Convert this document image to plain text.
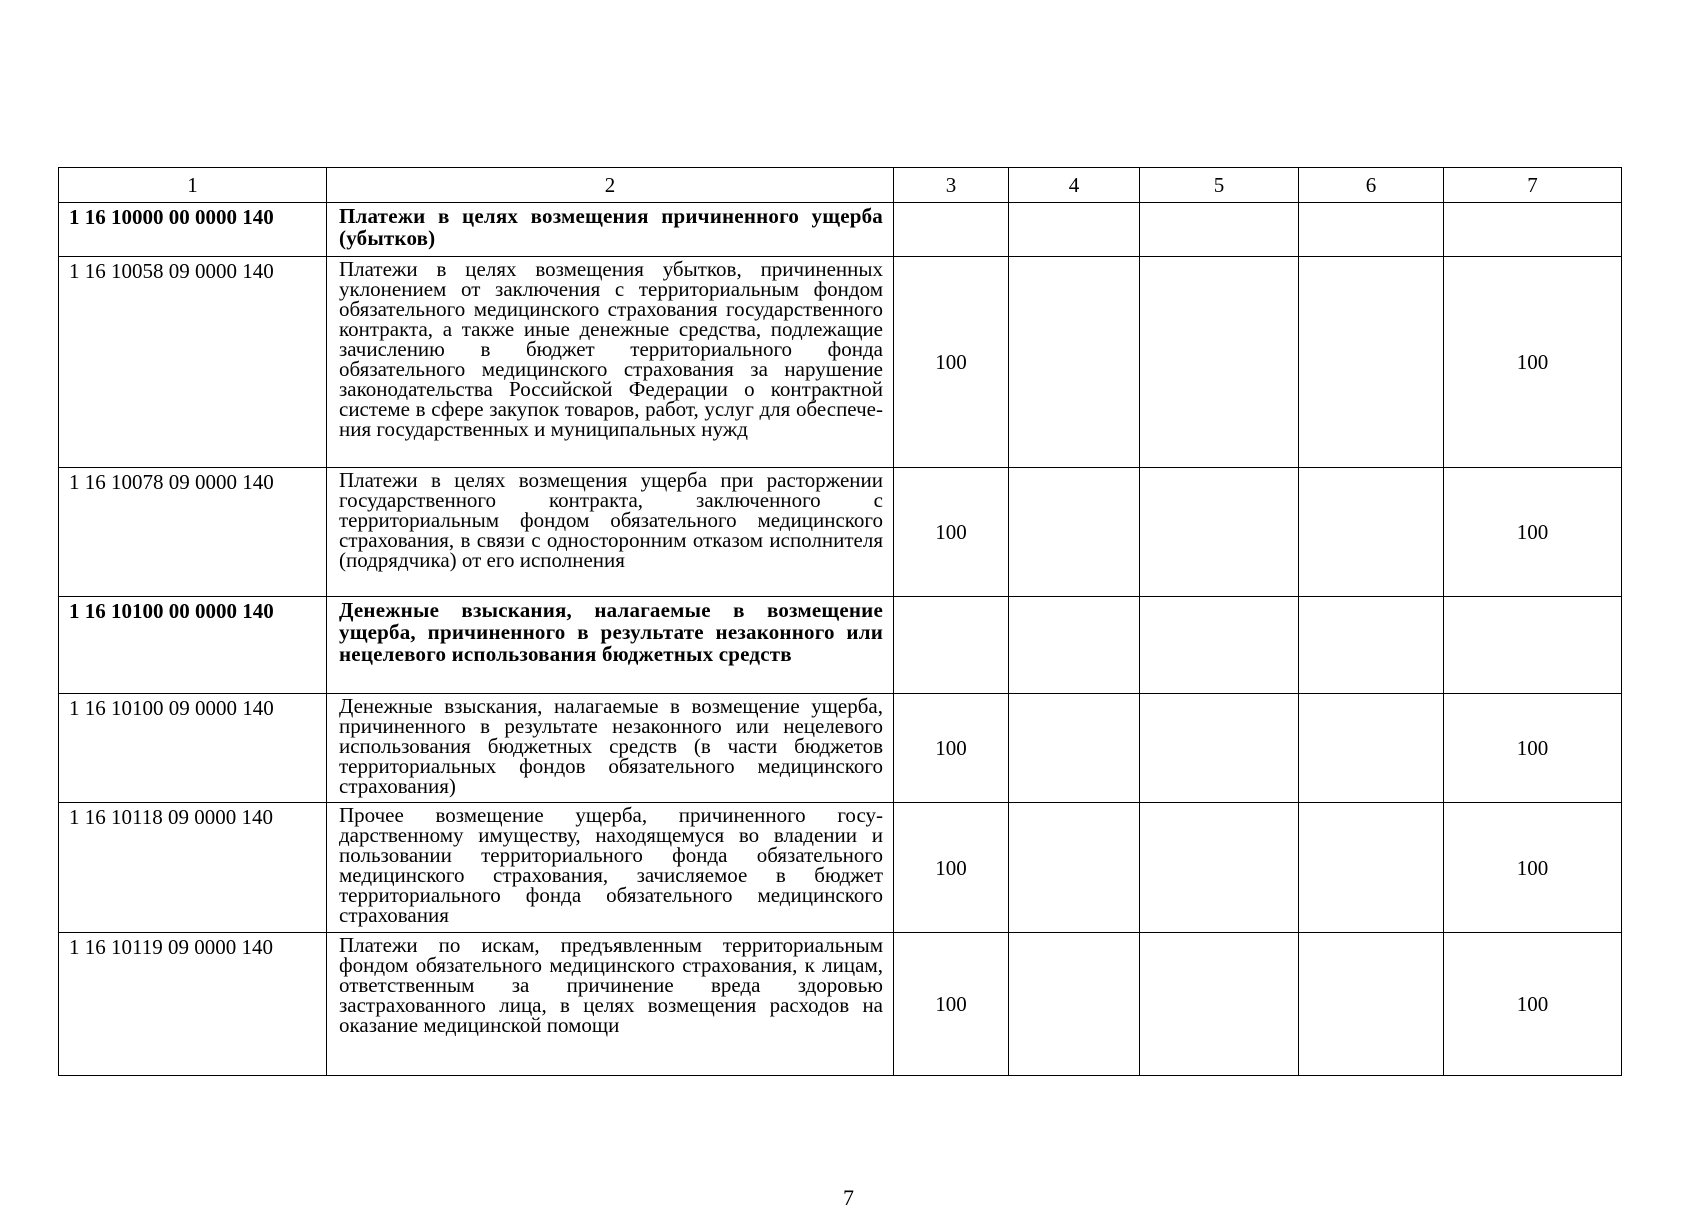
1	2	3	4	5	6	7
1 16 10000 00 0000 140	Платежи в целях возмещения причиненного ущерба (убытков)					
1 16 10058 09 0000 140	Платежи в целях возмещения убытков, причиненных уклонением от заключения с территориальным фондом обязательного медицинского страхования государственного контракта, а также иные денежные средства, подлежащие зачислению в бюджет территориального фонда обязательного медицинского страхования за нарушение законодательства Российской Федерации о контрактной системе в сфере закупок товаров, работ, услуг для обеспечения государственных и муниципальных нужд	100				100
1 16 10078 09 0000 140	Платежи в целях возмещения ущерба при расторжении государственного контракта, заключенного с территориальным фондом обязательного медицинского страхования, в связи с односторонним отказом исполнителя (подрядчика) от его исполнения	100				100
1 16 10100 00 0000 140	Денежные взыскания, налагаемые в возмещение ущерба, причиненного в результате незаконного или нецелевого использования бюджетных средств					
1 16 10100 09 0000 140	Денежные взыскания, налагаемые в возмещение ущерба, причиненного в результате незаконного или нецелевого использования бюджетных средств (в части бюджетов территориальных фондов обязательного медицинского страхования)	100				100
1 16 10118 09 0000 140	Прочее возмещение ущерба, причиненного государственному имуществу, находящемуся во владении и пользовании территориального фонда обязательного медицинского страхования, зачисляемое в бюджет территориального фонда обязательного медицинского страхования	100				100
1 16 10119 09 0000 140	Платежи по искам, предъявленным территориальным фондом обязательного медицинского страхования, к лицам, ответственным за причинение вреда здоровью застрахованного лица, в целях возмещения расходов на оказание медицинской помощи	100				100
7
